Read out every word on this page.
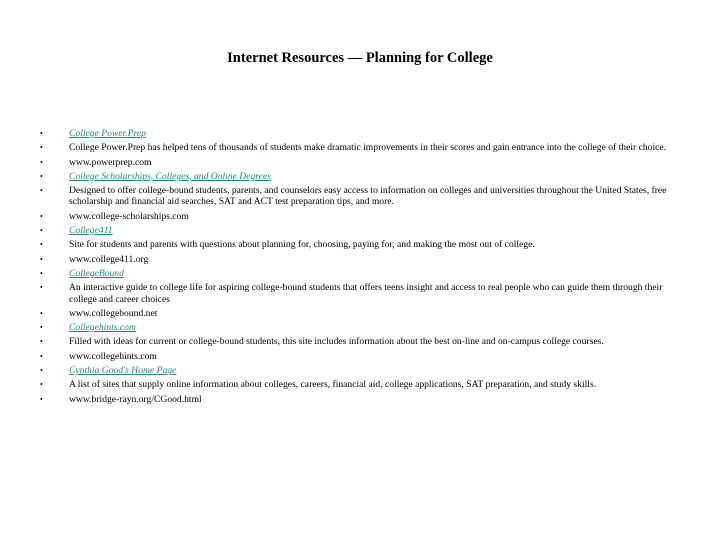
Internet Resources — Planning for College
•	College Power.Prep
•	College Power.Prep has helped tens of thousands of students make dramatic improvements in their scores and gain entrance into the college of their choice.
•	www.powerprep.com
•	College Scholarships, Colleges, and Online Degrees
•	Designed to offer college-bound students, parents, and counselors easy access to information on colleges and universities throughout the United States, free scholarship and financial aid searches, SAT and ACT test preparation tips, and more.
•	www.college-scholarships.com
•	College411
•	Site for students and parents with questions about planning for, choosing, paying for, and making the most out of college.
•	www.college411.org
•	CollegeBound
•	An interactive guide to college life for aspiring college-bound students that offers teens insight and access to real people who can guide them through their college and career choices
•	www.collegebound.net
•	Collegehints.com
•	Filled with ideas for current or college-bound students, this site includes information about the best on-line and on-campus college courses.
•	www.collegehints.com
•	Cynthia Good's Home Page
•	A list of sites that supply online information about colleges, careers, financial aid, college applications, SAT preparation, and study skills.
•	www.bridge-rayn.org/CGood.html
